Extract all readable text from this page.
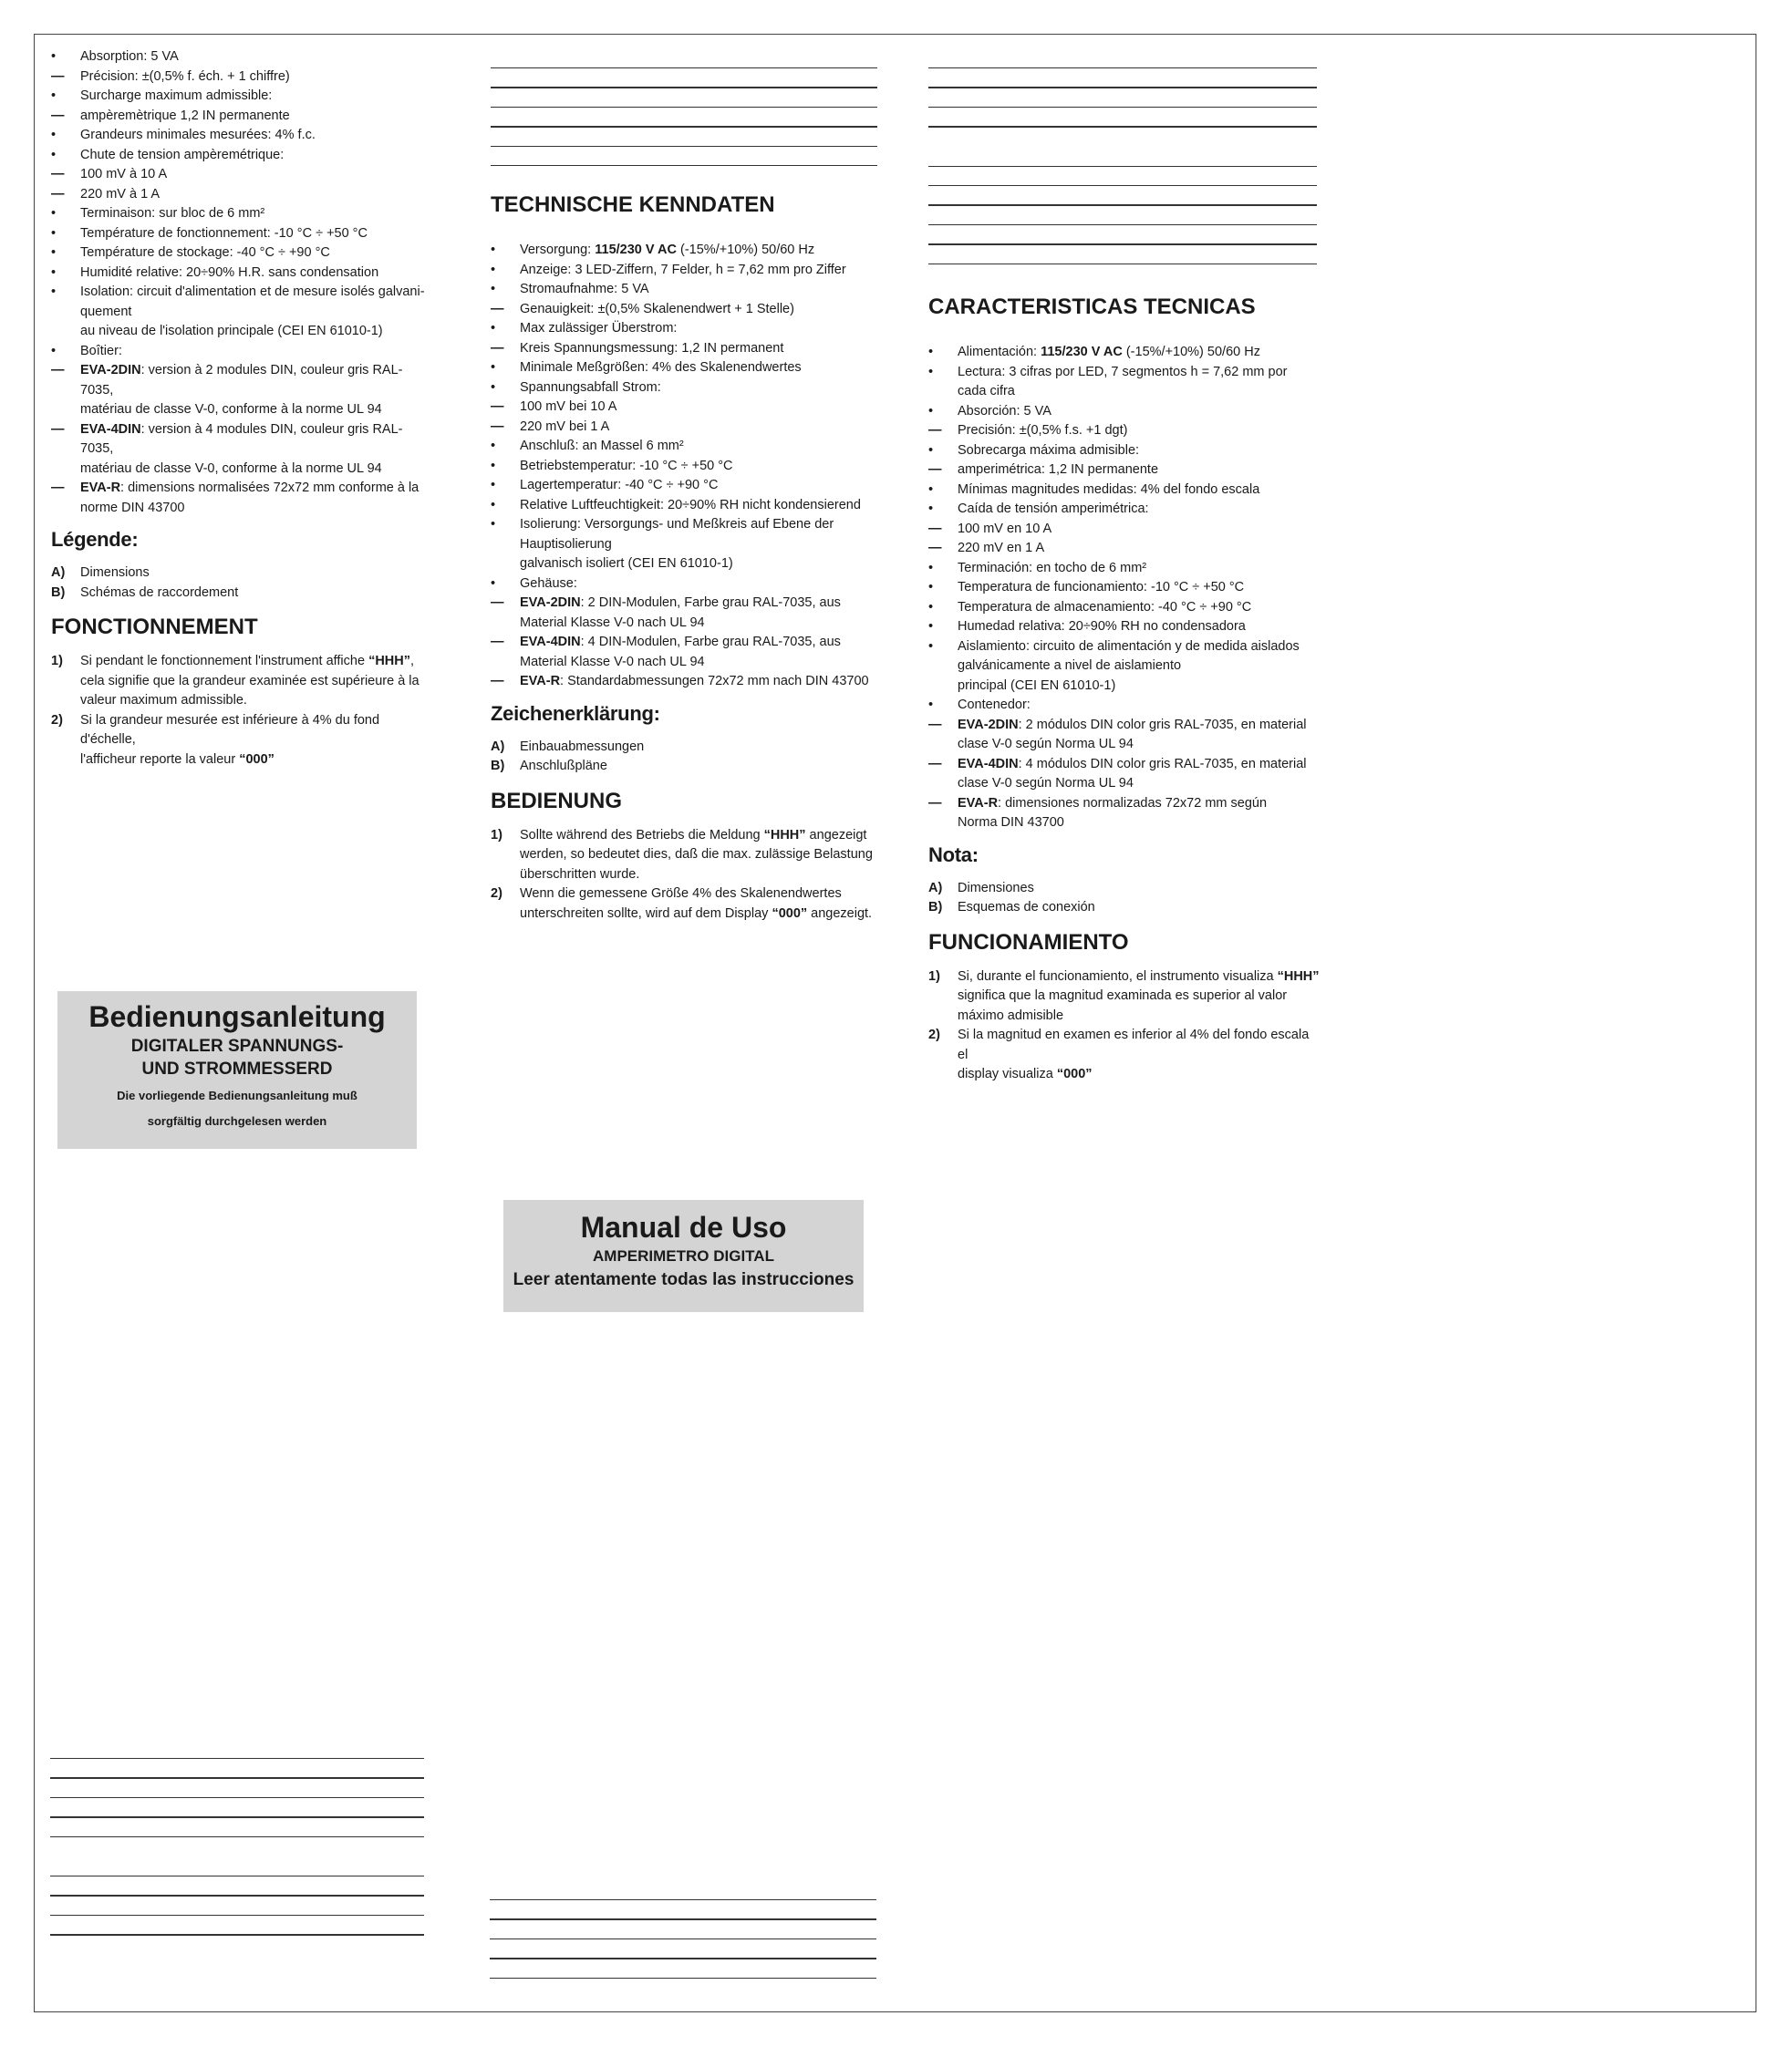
•	Absorption: 5 VA
—	Précision: ±(0,5% f. éch. + 1 chiffre)
•	Surcharge maximum admissible:
—	ampèremètrique 1,2 IN permanente
•	Grandeurs minimales mesurées: 4% f.c.
•	Chute de tension ampèremétrique:
—	100 mV à 10 A
—	220 mV à 1 A
•	Terminaison: sur bloc de 6 mm²
•	Température de fonctionnement: -10 °C ÷ +50 °C
•	Température de stockage: -40 °C ÷ +90 °C
•	Humidité relative: 20÷90% H.R. sans condensation
•	Isolation: circuit d'alimentation et de mesure isolés galvani-
quement
au niveau de l'isolation principale (CEI EN 61010-1)
•	Boîtier:
—	EVA-2DIN: version à 2 modules DIN, couleur gris RAL-7035,
matériau de classe V-0, conforme à la norme UL 94
—	EVA-4DIN: version à 4 modules DIN, couleur gris RAL-7035,
matériau de classe V-0, conforme à la norme UL 94
—	EVA-R: dimensions normalisées 72x72 mm conforme à la
norme DIN 43700
Légende:
A)	Dimensions
B)	Schémas de raccordement
FONCTIONNEMENT
1)	Si pendant le fonctionnement l'instrument affiche “HHH”,
cela signifie que la grandeur examinée est supérieure à la
valeur maximum admissible.
2)	Si la grandeur mesurée est inférieure à 4% du fond d'échelle,
l'afficheur reporte la valeur “000”
TECHNISCHE KENNDATEN
•	Versorgung: 115/230 V AC (-15%/+10%) 50/60 Hz
•	Anzeige: 3 LED-Ziffern, 7 Felder, h = 7,62 mm pro Ziffer
•	Stromaufnahme: 5 VA
—	Genauigkeit: ±(0,5% Skalenendwert + 1 Stelle)
•	Max zulässiger Überstrom:
—	Kreis Spannungsmessung: 1,2 IN permanent
•	Minimale Meßgrößen: 4% des Skalenendwertes
•	Spannungsabfall Strom:
—	100 mV bei 10 A
—	220 mV bei 1 A
•	Anschluß: an Massel 6 mm²
•	Betriebstemperatur: -10 °C ÷ +50 °C
•	Lagertemperatur: -40 °C ÷ +90 °C
•	Relative Luftfeuchtigkeit: 20÷90% RH nicht kondensierend
•	Isolierung: Versorgungs- und Meßkreis auf Ebene der
Hauptisolierung
galvanisch isoliert (CEI EN 61010-1)
•	Gehäuse:
—	EVA-2DIN: 2 DIN-Modulen, Farbe grau RAL-7035, aus
Material Klasse V-0 nach UL 94
—	EVA-4DIN: 4 DIN-Modulen, Farbe grau RAL-7035, aus
Material Klasse V-0 nach UL 94
—	EVA-R: Standardabmessungen 72x72 mm nach DIN 43700
Zeichenerklärung:
A)	Einbauabmessungen
B)	Anschlußpläne
BEDIENUNG
1)	Sollte während des Betriebs die Meldung “HHH” angezeigt
werden, so bedeutet dies, daß die max. zulässige Belastung
überschritten wurde.
2)	Wenn die gemessene Größe 4% des Skalenendwertes
unterschreiten sollte, wird auf dem Display “000” angezeigt.
CARACTERISTICAS TECNICAS
•	Alimentación: 115/230 V AC (-15%/+10%) 50/60 Hz
•	Lectura: 3 cifras por LED, 7 segmentos h = 7,62 mm por
cada cifra
•	Absorción: 5 VA
—	Precisión: ±(0,5% f.s. +1 dgt)
•	Sobrecarga máxima admisible:
—	amperimétrica: 1,2 IN permanente
•	Mínimas magnitudes medidas: 4% del fondo escala
•	Caída de tensión amperimétrica:
—	100 mV en 10 A
—	220 mV en 1 A
•	Terminación: en tocho de 6 mm²
•	Temperatura de funcionamiento: -10 °C ÷ +50 °C
•	Temperatura de almacenamiento: -40 °C ÷ +90 °C
•	Humedad relativa: 20÷90% RH no condensadora
•	Aislamiento: circuito de alimentación y de medida aislados
galvánicamente a nivel de aislamiento
principal (CEI EN 61010-1)
•	Contenedor:
—	EVA-2DIN: 2 módulos DIN color gris RAL-7035, en material
clase V-0 según Norma UL 94
—	EVA-4DIN: 4 módulos DIN color gris RAL-7035, en material
clase V-0 según Norma UL 94
—	EVA-R: dimensiones normalizadas 72x72 mm según
Norma DIN 43700
Nota:
A)	Dimensiones
B)	Esquemas de conexión
FUNCIONAMIENTO
1)	Si, durante el funcionamiento, el instrumento visualiza “HHH”
significa que la magnitud examinada es superior al valor
máximo admisible
2)	Si la magnitud en examen es inferior al 4% del fondo escala el
display visualiza “000”
Bedienungsanleitung
DIGITALER SPANNUNGS-
UND STROMMESSERD
Die vorliegende Bedienungsanleitung muß
sorgfältig durchgelesen werden
Manual de Uso
AMPERIMETRO DIGITAL
Leer atentamente todas las instrucciones
